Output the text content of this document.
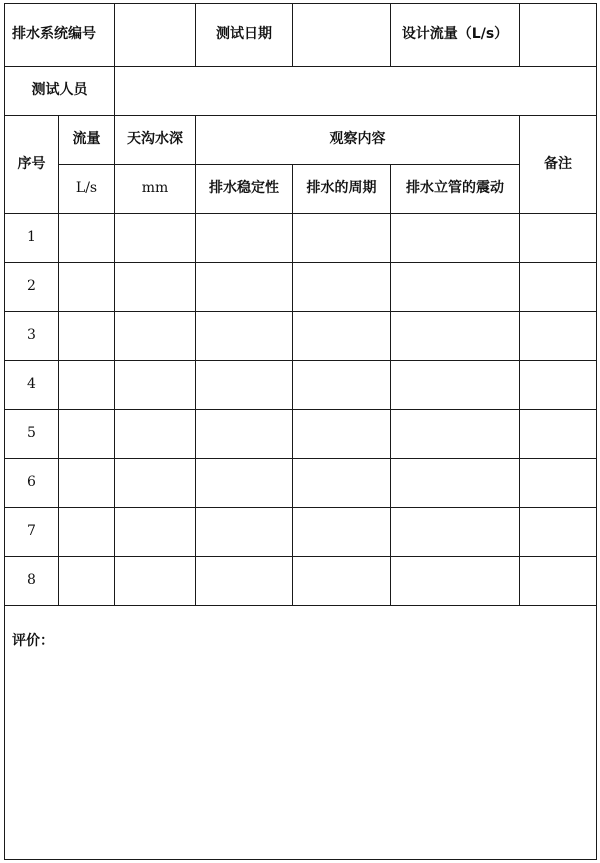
排水系统编号			测试日期		设计流量（L/s）	
测试人员						
序号	流量	天沟水深	观察内容			备注
	L/s	mm	排水稳定性	排水的周期	排水立管的震动	
1						
2						
3						
4						
5						
6						
7						
8						
评价：						
